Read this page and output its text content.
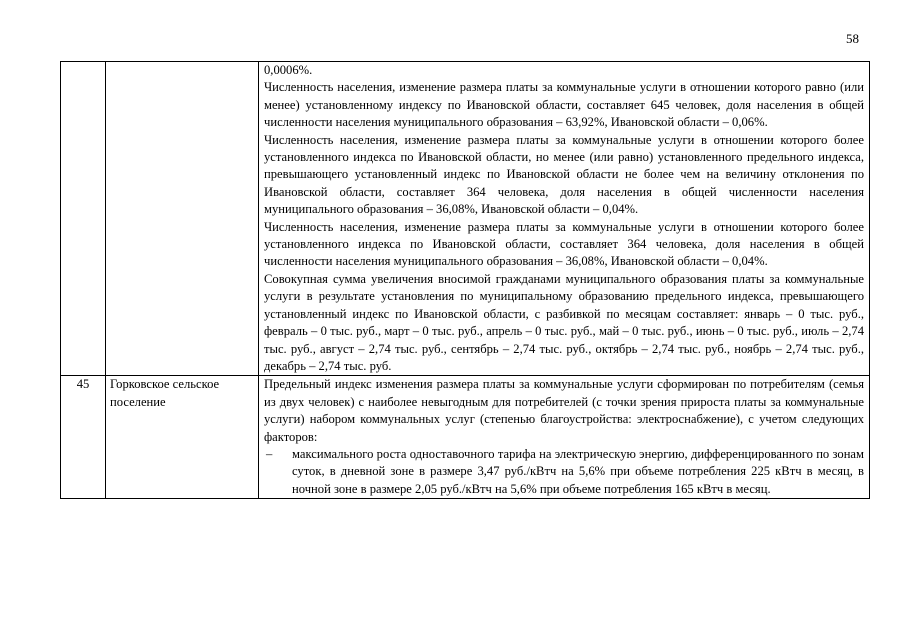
58

		0,0006%.

Численность населения, изменение размера платы за коммунальные услуги в отношении которого равно (или менее) установленному индексу по Ивановской области, составляет 645 человек, доля населения в общей численности населения муниципального образования – 63,92%, Ивановской области – 0,06%.

Численность населения, изменение размера платы за коммунальные услуги в отношении которого более установленного индекса по Ивановской области, но менее (или равно) установленного предельного индекса, превышающего установленный индекс по Ивановской области не более чем на величину отклонения по Ивановской области, составляет 364 человека, доля населения в общей численности населения муниципального образования – 36,08%, Ивановской области – 0,04%.

Численность населения, изменение размера платы за коммунальные услуги в отношении которого более установленного индекса по Ивановской области, составляет 364 человека, доля населения в общей численности населения муниципального образования – 36,08%, Ивановской области – 0,04%.

Совокупная сумма увеличения вносимой гражданами муниципального образования платы за коммунальные услуги в результате установления по муниципальному образованию предельного индекса, превышающего установленный индекс по Ивановской области, с разбивкой по месяцам составляет: январь – 0 тыс. руб., февраль – 0 тыс. руб., март – 0 тыс. руб., апрель – 0 тыс. руб., май – 0 тыс. руб., июнь – 0 тыс. руб., июль – 2,74 тыс. руб., август – 2,74 тыс. руб., сентябрь – 2,74 тыс. руб., октябрь – 2,74 тыс. руб., ноябрь – 2,74 тыс. руб., декабрь – 2,74 тыс. руб.

45	Горковское сельское поселение	Предельный индекс изменения размера платы за коммунальные услуги сформирован по потребителям (семья из двух человек) с наиболее невыгодным для потребителей (с точки зрения прироста платы за коммунальные услуги) набором коммунальных услуг (степенью благоустройства: электроснабжение), с учетом следующих факторов:

– максимального роста одноставочного тарифа на электрическую энергию, дифференцированного по зонам суток, в дневной зоне в размере 3,47 руб./кВтч на 5,6% при объеме потребления 225 кВтч в месяц, в ночной зоне в размере 2,05 руб./кВтч на 5,6% при объеме потребления 165 кВтч в месяц.
